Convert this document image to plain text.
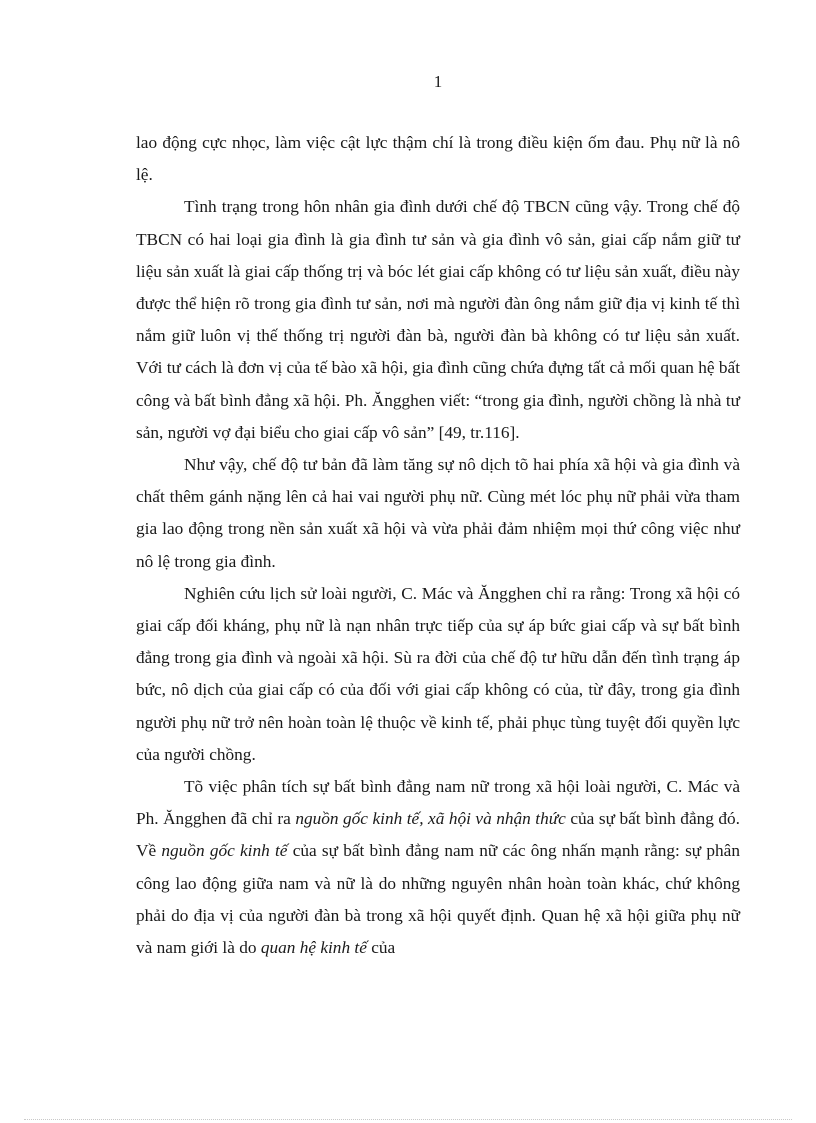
1

lao động cực nhọc, làm việc cật lực thậm chí là trong điều kiện ốm đau. Phụ nữ là nô lệ.

Tình trạng trong hôn nhân gia đình dưới chế độ TBCN cũng vậy. Trong chế độ TBCN có hai loại gia đình là gia đình tư sản và gia đình vô sản, giai cấp nắm giữ tư liệu sản xuất là giai cấp thống trị và bóc lét giai cấp không có tư liệu sản xuất, điều này được thể hiện rõ trong gia đình tư sản, nơi mà người đàn ông nắm giữ địa vị kinh tế thì nắm giữ luôn vị thế thống trị người đàn bà, người đàn bà không có tư liệu sản xuất. Với tư cách là đơn vị của tế bào xã hội, gia đình cũng chứa đựng tất cả mối quan hệ bất công và bất bình đẳng xã hội. Ph. Ăngghen viết: “trong gia đình, người chồng là nhà tư sản, người vợ đại biểu cho giai cấp vô sản” [49, tr.116].

Như vậy, chế độ tư bản đã làm tăng sự nô dịch tõ hai phía xã hội và gia đình và chất thêm gánh nặng lên cả hai vai người phụ nữ. Cùng mét lóc phụ nữ phải vừa tham gia lao động trong nền sản xuất xã hội và vừa phải đảm nhiệm mọi thứ công việc như nô lệ trong gia đình.

Nghiên cứu lịch sử loài người, C. Mác và Ăngghen chỉ ra rằng: Trong xã hội có giai cấp đối kháng, phụ nữ là nạn nhân trực tiếp của sự áp bức giai cấp và sự bất bình đẳng trong gia đình và ngoài xã hội. Sù ra đời của chế độ tư hữu dẫn đến tình trạng áp bức, nô dịch của giai cấp có của đối với giai cấp không có của, từ đây, trong gia đình người phụ nữ trở nên hoàn toàn lệ thuộc về kinh tế, phải phục tùng tuyệt đối quyền lực của người chồng.

Tõ việc phân tích sự bất bình đẳng nam nữ trong xã hội loài người, C. Mác và Ph. Ăngghen đã chỉ ra nguồn gốc kinh tế, xã hội và nhận thức của sự bất bình đẳng đó. Về nguồn gốc kinh tế của sự bất bình đẳng nam nữ các ông nhấn mạnh rằng: sự phân công lao động giữa nam và nữ là do những nguyên nhân hoàn toàn khác, chứ không phải do địa vị của người đàn bà trong xã hội quyết định. Quan hệ xã hội giữa phụ nữ và nam giới là do quan hệ kinh tế của
